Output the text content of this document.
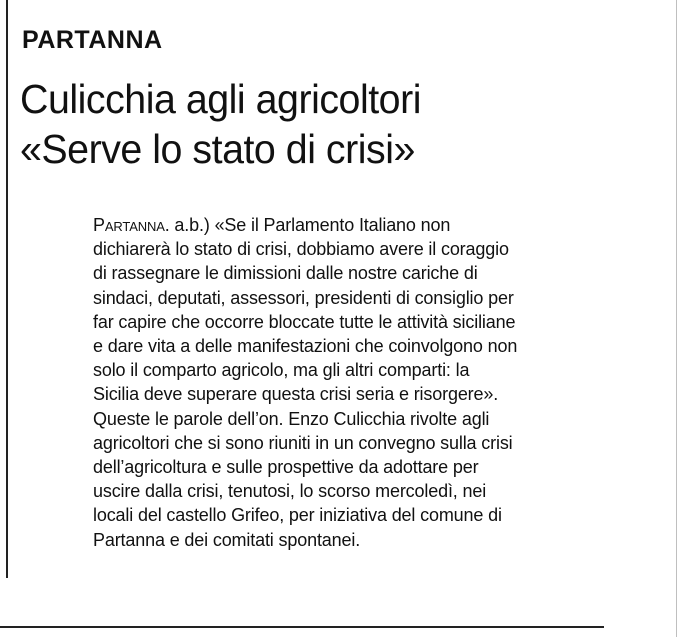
PARTANNA
Culicchia agli agricoltori
«Serve lo stato di crisi»
Partanna. a.b.) «Se il Parlamento Italiano non
dichiarerà lo stato di crisi, dobbiamo avere il coraggio
di rassegnare le dimissioni dalle nostre cariche di
sindaci, deputati, assessori, presidenti di consiglio per
far capire che occorre bloccate tutte le attività siciliane
e dare vita a delle manifestazioni che coinvolgono non
solo il comparto agricolo, ma gli altri comparti: la
Sicilia deve superare questa crisi seria e risorgere».
Queste le parole dell’on. Enzo Culicchia rivolte agli
agricoltori che si sono riuniti in un convegno sulla crisi
dell’agricoltura e sulle prospettive da adottare per
uscire dalla crisi, tenutosi, lo scorso mercoledì, nei
locali del castello Grifeo, per iniziativa del comune di
Partanna e dei comitati spontanei.
